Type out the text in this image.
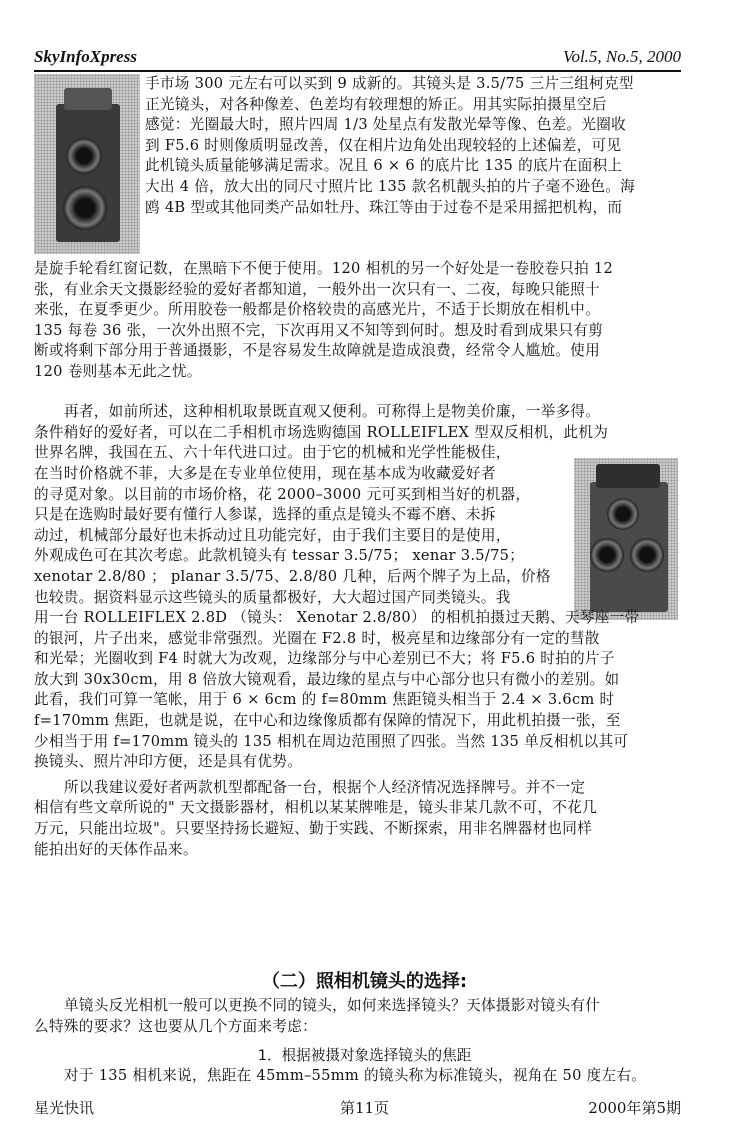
SkyInfoXpress	Vol.5, No.5, 2000
手市场 300 元左右可以买到 9 成新的。其镜头是 3.5/75 三片三组柯克型
正光镜头，对各种像差、色差均有较理想的矫正。用其实际拍摄星空后
感觉：光圈最大时，照片四周 1/3 处星点有发散光晕等像、色差。光圈收
到 F5.6 时则像质明显改善，仅在相片边角处出现较轻的上述偏差，可见
此机镜头质量能够满足需求。况且 6 × 6 的底片比 135 的底片在面积上
大出 4 倍，放大出的同尺寸照片比 135 款名机靓头拍的片子毫不逊色。海
鸥 4B 型或其他同类产品如牡丹、珠江等由于过卷不是采用摇把机构，而
是旋手轮看红窗记数，在黑暗下不便于使用。120 相机的另一个好处是一卷胶卷只拍 12
张，有业余天文摄影经验的爱好者都知道，一般外出一次只有一、二夜，每晚只能照十
来张，在夏季更少。所用胶卷一般都是价格较贵的高感光片，不适于长期放在相机中。
135 每卷 36 张，一次外出照不完，下次再用又不知等到何时。想及时看到成果只有剪
断或将剩下部分用于普通摄影，不是容易发生故障就是造成浪费，经常令人尴尬。使用
120 卷则基本无此之忧。
再者，如前所述，这种相机取景既直观又便利。可称得上是物美价廉，一举多得。
条件稍好的爱好者，可以在二手相机市场选购德国 ROLLEIFLEX 型双反相机，此机为
世界名牌，我国在五、六十年代进口过。由于它的机械和光学性能极佳，
在当时价格就不菲，大多是在专业单位使用，现在基本成为收藏爱好者
的寻觅对象。以目前的市场价格，花 2000–3000 元可买到相当好的机器，
只是在选购时最好要有懂行人参谋，选择的重点是镜头不霉不磨、未拆
动过，机械部分最好也未拆动过且功能完好，由于我们主要目的是使用，
外观成色可在其次考虑。此款机镜头有 tessar 3.5/75； xenar 3.5/75；
xenotar 2.8/80 ； planar 3.5/75、2.8/80 几种，后两个牌子为上品，价格
也较贵。据资料显示这些镜头的质量都极好，大大超过国产同类镜头。我
用一台 ROLLEIFLEX 2.8D （镜头： Xenotar 2.8/80） 的相机拍摄过天鹅、天琴座一带
的银河，片子出来，感觉非常强烈。光圈在 F2.8 时，极亮星和边缘部分有一定的彗散
和光晕；光圈收到 F4 时就大为改观，边缘部分与中心差别已不大；将 F5.6 时拍的片子
放大到 30x30cm，用 8 倍放大镜观看，最边缘的星点与中心部分也只有微小的差别。如
此看，我们可算一笔帐，用于 6 × 6cm 的 f=80mm 焦距镜头相当于 2.4 × 3.6cm 时
f=170mm 焦距，也就是说，在中心和边缘像质都有保障的情况下，用此机拍摄一张，至
少相当于用 f=170mm 镜头的 135 相机在周边范围照了四张。当然 135 单反相机以其可
换镜头、照片冲印方便，还是具有优势。
所以我建议爱好者两款机型都配备一台，根据个人经济情况选择牌号。并不一定
相信有些文章所说的" 天文摄影器材，相机以某某牌唯是，镜头非某几款不可，不花几
万元，只能出垃圾"。只要坚持扬长避短、勤于实践、不断探索，用非名牌器材也同样
能拍出好的天体作品来。
（二）照相机镜头的选择:
单镜头反光相机一般可以更换不同的镜头，如何来选择镜头？天体摄影对镜头有什
么特殊的要求？这也要从几个方面来考虑：
1．根据被摄对象选择镜头的焦距
对于 135 相机来说，焦距在 45mm–55mm 的镜头称为标准镜头，视角在 50 度左右。
星光快讯	第11页	2000年第5期
